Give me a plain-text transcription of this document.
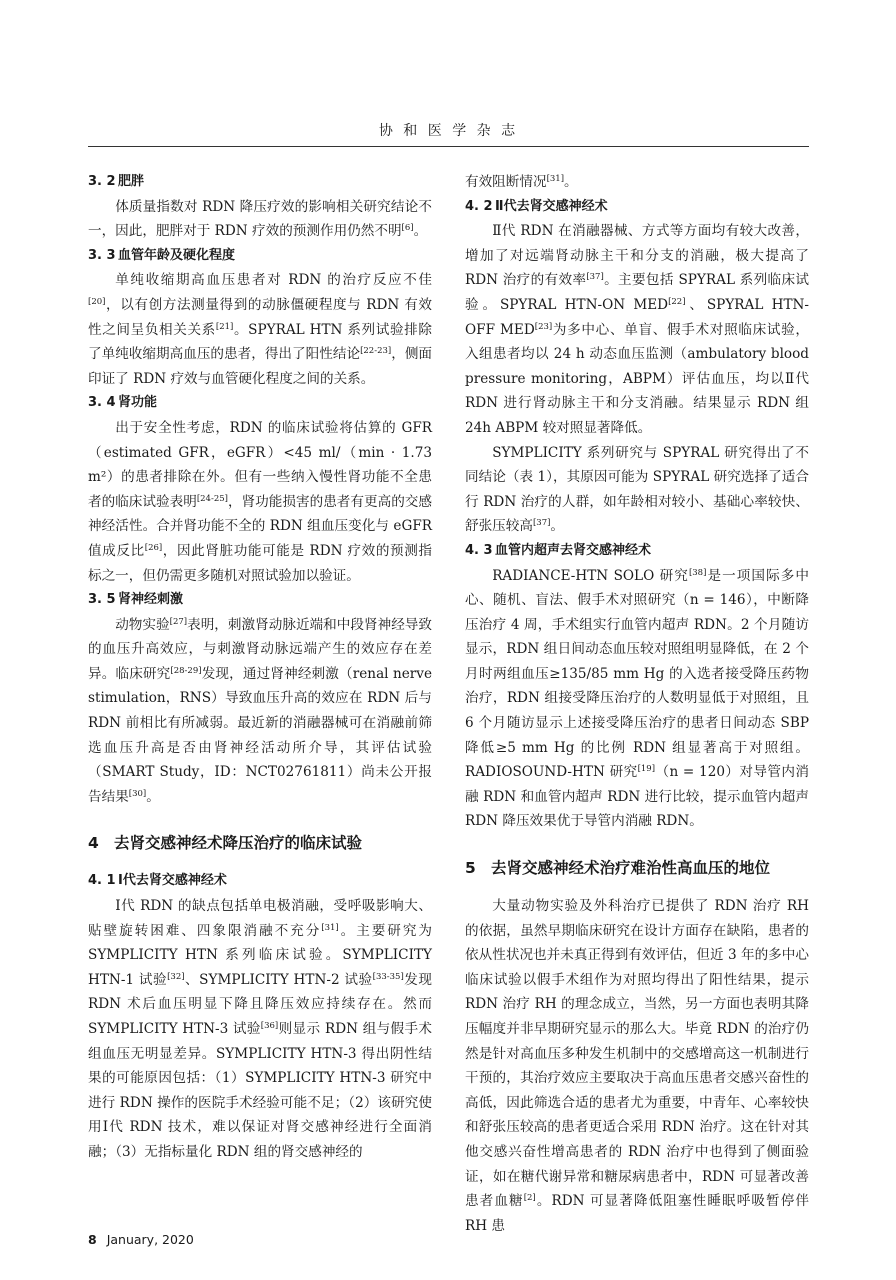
协 和 医 学 杂 志
3. 2 肥胖

体质量指数对 RDN 降压疗效的影响相关研究结论不一，因此，肥胖对于 RDN 疗效的预测作用仍然不明[6]。

3. 3 血管年龄及硬化程度

单纯收缩期高血压患者对 RDN 的治疗反应不佳[20]，以有创方法测量得到的动脉僵硬程度与 RDN 有效性之间呈负相关关系[21]。SPYRAL HTN 系列试验排除了单纯收缩期高血压的患者，得出了阳性结论[22-23]，侧面印证了 RDN 疗效与血管硬化程度之间的关系。

3. 4 肾功能

出于安全性考虑，RDN 的临床试验将估算的 GFR（estimated GFR，eGFR）<45 ml/（min · 1.73 m²）的患者排除在外。但有一些纳入慢性肾功能不全患者的临床试验表明[24-25]，肾功能损害的患者有更高的交感神经活性。合并肾功能不全的 RDN 组血压变化与 eGFR 值成反比[26]，因此肾脏功能可能是 RDN 疗效的预测指标之一，但仍需更多随机对照试验加以验证。

3. 5 肾神经刺激

动物实验[27]表明，刺激肾动脉近端和中段肾神经导致的血压升高效应，与刺激肾动脉远端产生的效应存在差异。临床研究[28-29]发现，通过肾神经刺激（renal nerve stimulation，RNS）导致血压升高的效应在 RDN 后与 RDN 前相比有所减弱。最近新的消融器械可在消融前筛选血压升高是否由肾神经活动所介导，其评估试验（SMART Study，ID：NCT02761811）尚未公开报告结果[30]。

4 去肾交感神经术降压治疗的临床试验
4. 1 Ⅰ代去肾交感神经术

Ⅰ代 RDN 的缺点包括单电极消融，受呼吸影响大、贴壁旋转困难、四象限消融不充分[31]。主要研究为 SYMPLICITY HTN 系列临床试验。SYMPLICITY HTN-1 试验[32]、SYMPLICITY HTN-2 试验[33-35]发现 RDN 术后血压明显下降且降压效应持续存在。然而 SYMPLICITY HTN-3 试验[36]则显示 RDN 组与假手术组血压无明显差异。SYMPLICITY HTN-3 得出阴性结果的可能原因包括：（1）SYMPLICITY HTN-3 研究中进行 RDN 操作的医院手术经验可能不足；（2）该研究使用Ⅰ代 RDN 技术，难以保证对肾交感神经进行全面消融；（3）无指标量化 RDN 组的肾交感神经的

有效阻断情况[31]。

4. 2 Ⅱ代去肾交感神经术

Ⅱ代 RDN 在消融器械、方式等方面均有较大改善，增加了对远端肾动脉主干和分支的消融，极大提高了 RDN 治疗的有效率[37]。主要包括 SPYRAL 系列临床试验。SPYRAL HTN-ON MED[22]、SPYRAL HTN-OFF MED[23]为多中心、单盲、假手术对照临床试验，入组患者均以 24 h 动态血压监测（ambulatory blood pressure monitoring，ABPM）评估血压，均以Ⅱ代 RDN 进行肾动脉主干和分支消融。结果显示 RDN 组 24h ABPM 较对照显著降低。

SYMPLICITY 系列研究与 SPYRAL 研究得出了不同结论（表 1），其原因可能为 SPYRAL 研究选择了适合行 RDN 治疗的人群，如年龄相对较小、基础心率较快、舒张压较高[37]。

4. 3 血管内超声去肾交感神经术

RADIANCE-HTN SOLO 研究[38]是一项国际多中心、随机、盲法、假手术对照研究（n = 146），中断降压治疗 4 周，手术组实行血管内超声 RDN。2 个月随访显示，RDN 组日间动态血压较对照组明显降低，在 2 个月时两组血压≥135/85 mm Hg 的入选者接受降压药物治疗，RDN 组接受降压治疗的人数明显低于对照组，且 6 个月随访显示上述接受降压治疗的患者日间动态 SBP 降低≥5 mm Hg 的比例 RDN 组显著高于对照组。RADIOSOUND-HTN 研究[19]（n = 120）对导管内消融 RDN 和血管内超声 RDN 进行比较，提示血管内超声 RDN 降压效果优于导管内消融 RDN。

5 去肾交感神经术治疗难治性高血压的地位

大量动物实验及外科治疗已提供了 RDN 治疗 RH 的依据，虽然早期临床研究在设计方面存在缺陷，患者的依从性状况也并未真正得到有效评估，但近 3 年的多中心临床试验以假手术组作为对照均得出了阳性结果，提示 RDN 治疗 RH 的理念成立，当然，另一方面也表明其降压幅度并非早期研究显示的那么大。毕竟 RDN 的治疗仍然是针对高血压多种发生机制中的交感增高这一机制进行干预的，其治疗效应主要取决于高血压患者交感兴奋性的高低，因此筛选合适的患者尤为重要，中青年、心率较快和舒张压较高的患者更适合采用 RDN 治疗。这在针对其他交感兴奋性增高患者的 RDN 治疗中也得到了侧面验证，如在糖代谢异常和糖尿病患者中，RDN 可显著改善患者血糖[2]。RDN 可显著降低阻塞性睡眠呼吸暂停伴 RH 患

8 January, 2020
